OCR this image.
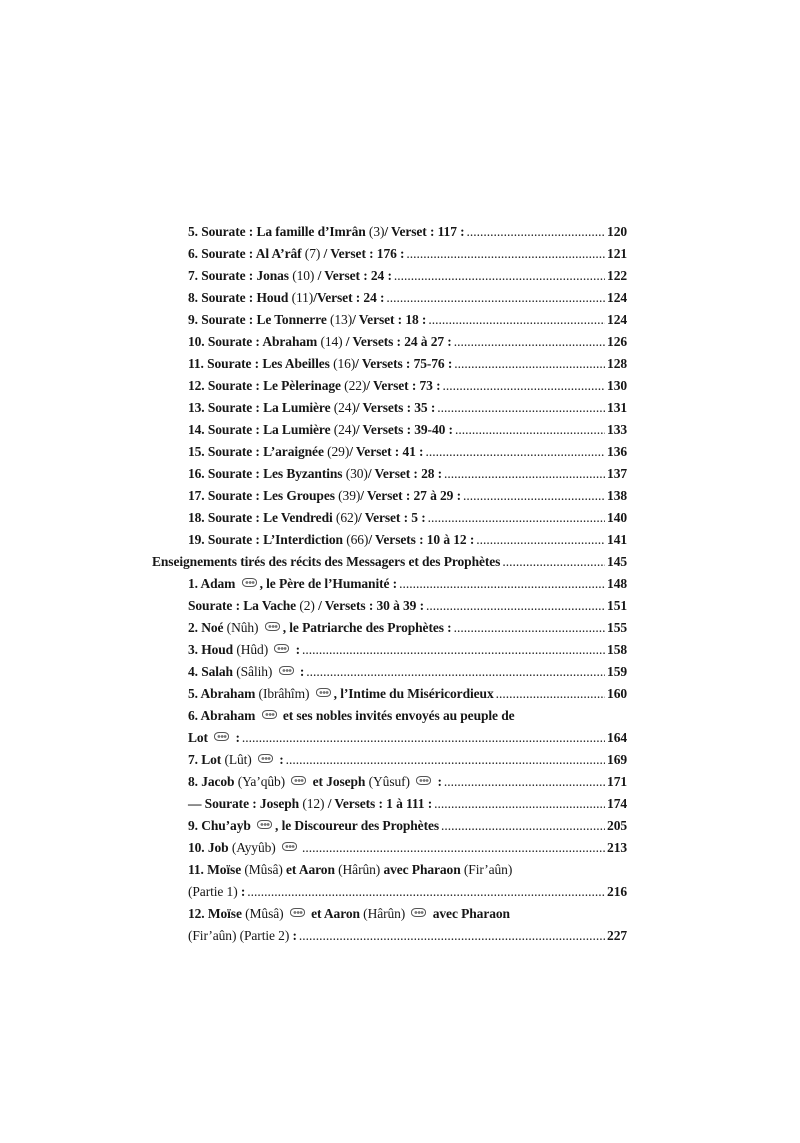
5. Sourate : La famille d’Imrân (3)/ Verset : 117 : .....	120
6. Sourate : Al A’râf (7) / Verset : 176 : .....	121
7. Sourate : Jonas (10) / Verset : 24 : .....	122
8. Sourate : Houd (11)/Verset : 24 : .....	124
9. Sourate : Le Tonnerre (13)/ Verset : 18 : .....	124
10. Sourate : Abraham (14) / Versets : 24 à 27 : .....	126
11. Sourate : Les Abeilles (16)/ Versets : 75-76 : .....	128
12. Sourate : Le Pèlerinage (22)/ Verset : 73 : .....	130
13. Sourate : La Lumière (24)/ Versets : 35 : .....	131
14. Sourate : La Lumière (24)/ Versets : 39-40 : .....	133
15. Sourate : L’araignée (29)/ Verset : 41 : .....	136
16. Sourate : Les Byzantins (30)/ Verset : 28 : .....	137
17. Sourate : Les Groupes (39)/ Verset : 27 à 29 : .....	138
18. Sourate : Le Vendredi (62)/ Verset : 5 : .....	140
19. Sourate : L’Interdiction (66)/ Versets : 10 à 12 : .....	141
Enseignements tirés des récits des Messagers et des Prophètes .....	145
1. Adam , le Père de l’Humanité : .....	148
Sourate : La Vache (2) / Versets : 30 à 39 : .....	151
2. Noé (Nûh) , le Patriarche des Prophètes : .....	155
3. Houd (Hûd)  : .....	158
4. Salah (Sâlih)  : .....	159
5. Abraham (Ibrâhîm) , l’Intime du Miséricordieux .....	160
6. Abraham  et ses nobles invités envoyés au peuple de
Lot  : .....	164
7. Lot (Lût)  : .....	169
8. Jacob (Ya’qûb)  et Joseph (Yûsuf)  : .....	171
— Sourate : Joseph (12) / Versets : 1 à 111 : .....	174
9. Chu’ayb , le Discoureur des Prophètes .....	205
10. Job (Ayyûb) .....	213
11. Moïse (Mûsâ) et Aaron (Hârûn) avec Pharaon (Fir’aûn)
(Partie 1) : .....	216
12. Moïse (Mûsâ)  et Aaron (Hârûn)  avec Pharaon
(Fir’aûn) (Partie 2) : .....	227
